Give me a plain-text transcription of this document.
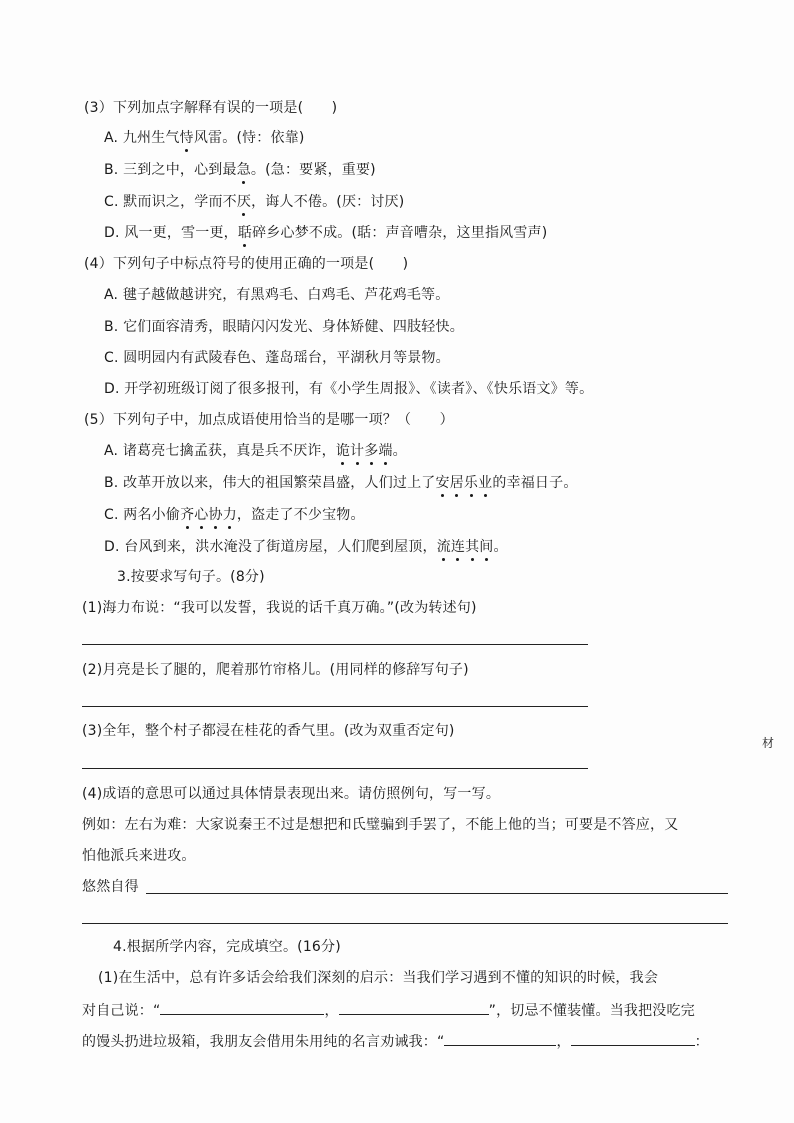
(3）下列加点字解释有误的一项是(　　)
A. 九州生气恃风雷。(恃：依靠)
B. 三到之中，心到最急。(急：要紧，重要)
C. 默而识之，学而不厌，诲人不倦。(厌：讨厌)
D. 风一更，雪一更，聒碎乡心梦不成。(聒：声音嘈杂，这里指风雪声)
(4）下列句子中标点符号的使用正确的一项是(　　)
A. 毽子越做越讲究，有黑鸡毛、白鸡毛、芦花鸡毛等。
B. 它们面容清秀，眼睛闪闪发光、身体矫健、四肢轻快。
C. 圆明园内有武陵春色、蓬岛瑶台，平湖秋月等景物。
D. 开学初班级订阅了很多报刊，有《小学生周报》、《读者》、《快乐语文》等。
(5）下列句子中，加点成语使用恰当的是哪一项？（　　）
A. 诸葛亮七擒孟获，真是兵不厌诈，诡计多端。
B. 改革开放以来，伟大的祖国繁荣昌盛，人们过上了安居乐业的幸福日子。
C. 两名小偷齐心协力，盗走了不少宝物。
D. 台风到来，洪水淹没了街道房屋，人们爬到屋顶，流连其间。
3.按要求写句子。(8分)
(1)海力布说：“我可以发誓，我说的话千真万确。”(改为转述句)
(2)月亮是长了腿的，爬着那竹帘格儿。(用同样的修辞写句子)
(3)全年，整个村子都浸在桂花的香气里。(改为双重否定句)
(4)成语的意思可以通过具体情景表现出来。请仿照例句，写一写。
例如：左右为难：大家说秦王不过是想把和氏璧骗到手罢了，不能上他的当；可要是不答应，又
怕他派兵来进攻。
悠然自得
4.根据所学内容，完成填空。(16分)
(1)在生活中，总有许多话会给我们深刻的启示：当我们学习遇到不懂的知识的时候，我会
对自己说：“	，	”，切忌不懂装懂。当我把没吃完
的馒头扔进垃圾箱，我朋友会借用朱用纯的名言劝诫我：“	，	：
材
